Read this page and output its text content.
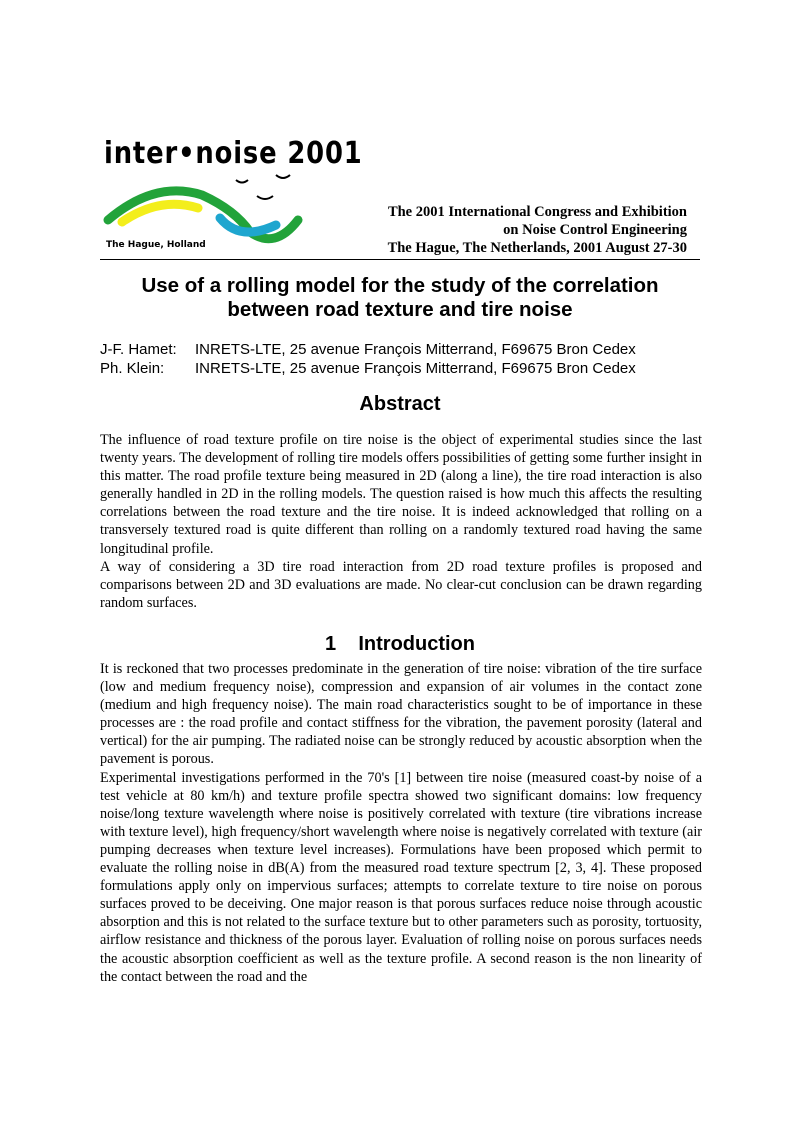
inter•noise 2001
The Hague, Holland
The 2001 International Congress and Exhibition
on Noise Control Engineering
The Hague, The Netherlands, 2001 August 27-30
Use of a rolling model for the study of the correlation
between road texture and tire noise
J-F. Hamet:	INRETS-LTE, 25 avenue François Mitterrand, F69675 Bron Cedex
Ph. Klein:	INRETS-LTE, 25 avenue François Mitterrand, F69675 Bron Cedex
Abstract

The influence of road texture profile on tire noise is the object of experimental studies since the last twenty years. The development of rolling tire models offers possibilities of getting some further insight in this matter. The road profile texture being measured in 2D (along a line), the tire road interaction is also generally handled in 2D in the rolling models. The question raised is how much this affects the resulting correlations between the road texture and the tire noise. It is indeed acknowledged that rolling on a transversely textured road is quite different than rolling on a randomly textured road having the same longitudinal profile.

A way of considering a 3D tire road interaction from 2D road texture profiles is proposed and comparisons between 2D and 3D evaluations are made. No clear-cut conclusion can be drawn regarding random surfaces.

1    Introduction

It is reckoned that two processes predominate in the generation of tire noise: vibration of the tire surface (low and medium frequency noise), compression and expansion of air volumes in the contact zone (medium and high frequency noise). The main road characteristics sought to be of importance in these processes are : the road profile and contact stiffness for the vibration, the pavement porosity (lateral and vertical) for the air pumping. The radiated noise can be strongly reduced by acoustic absorption when the pavement is porous.

Experimental investigations performed in the 70's [1] between tire noise (measured coast-by noise of a test vehicle at 80 km/h) and texture profile spectra showed two significant domains: low frequency noise/long texture wavelength where noise is positively correlated with texture (tire vibrations increase with texture level), high frequency/short wavelength where noise is negatively correlated with texture (air pumping decreases when texture level increases). Formulations have been proposed which permit to evaluate the rolling noise in dB(A) from the measured road texture spectrum [2, 3, 4]. These proposed formulations apply only on impervious surfaces; attempts to correlate texture to tire noise on porous surfaces proved to be deceiving. One major reason is that porous surfaces reduce noise through acoustic absorption and this is not related to the surface texture but to other parameters such as porosity, tortuosity, airflow resistance and thickness of the porous layer. Evaluation of rolling noise on porous surfaces needs the acoustic absorption coefficient as well as the texture profile. A second reason is the non linearity of the contact between the road and the
